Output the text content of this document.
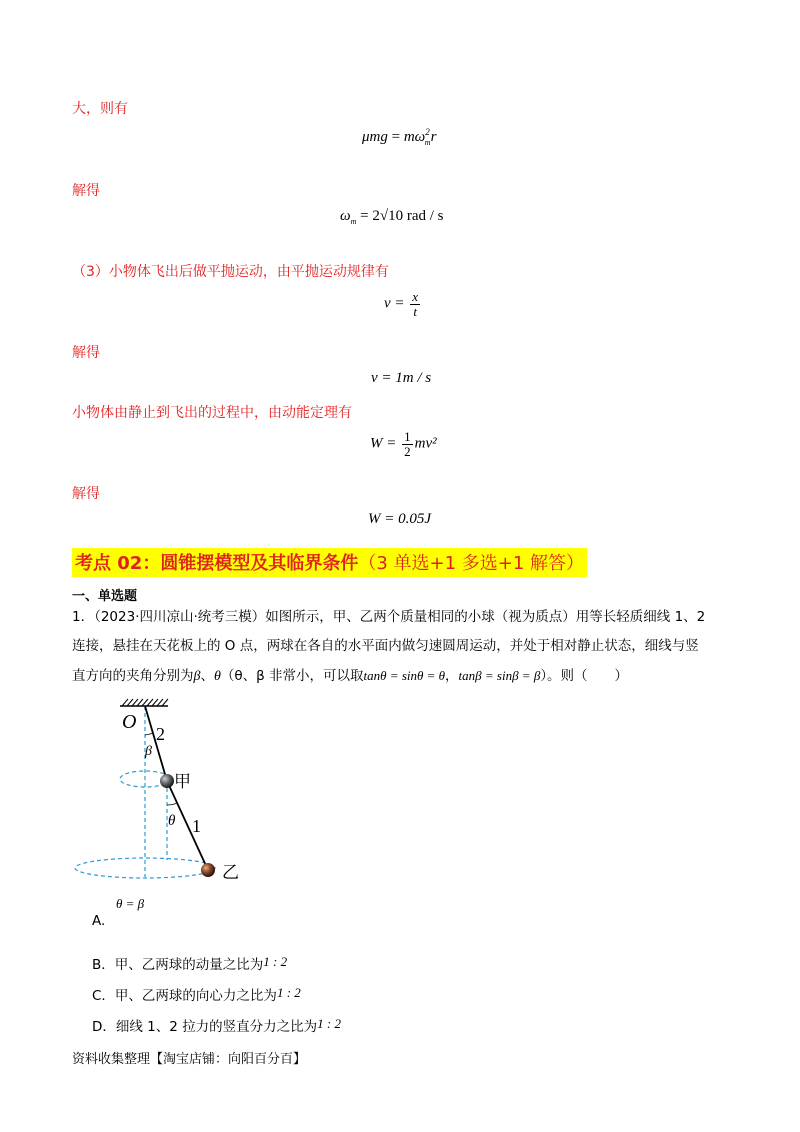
大，则有
$\mu mg = m\omega^2_mr$
解得
$\omega_m = 2√10$ rad / s
（3）小物体飞出后做平抛运动，由平抛运动规律有
$v = \frac{x}{t}$
解得
v = 1m / s
小物体由静止到飞出的过程中，由动能定理有
$W = \frac{1}{2} mv^2$
解得
W = 0.05J
考点 02：圆锥摆模型及其临界条件（3 单选+1 多选+1 解答）
一、单选题
1．（2023·四川凉山·统考三模）如图所示，甲、乙两个质量相同的小球（视为质点）用等长轻质细线 1、2
连接，悬挂在天花板上的 O 点，两球在各自的水平面内做匀速圆周运动，并处于相对静止状态，细线与竖
直方向的夹角分别为β、θ（θ、β 非常小，可以取tanθ = sinθ = θ，tanβ = sinβ = β）。则（　　）
O
2
β
甲
θ 1
乙
θ = β
A.
B．甲、乙两球的动量之比为1 : 2
C．甲、乙两球的向心力之比为1 : 2
D．细线 1、2 拉力的竖直分力之比为1 : 2
资料收集整理【淘宝店铺：向阳百分百】
